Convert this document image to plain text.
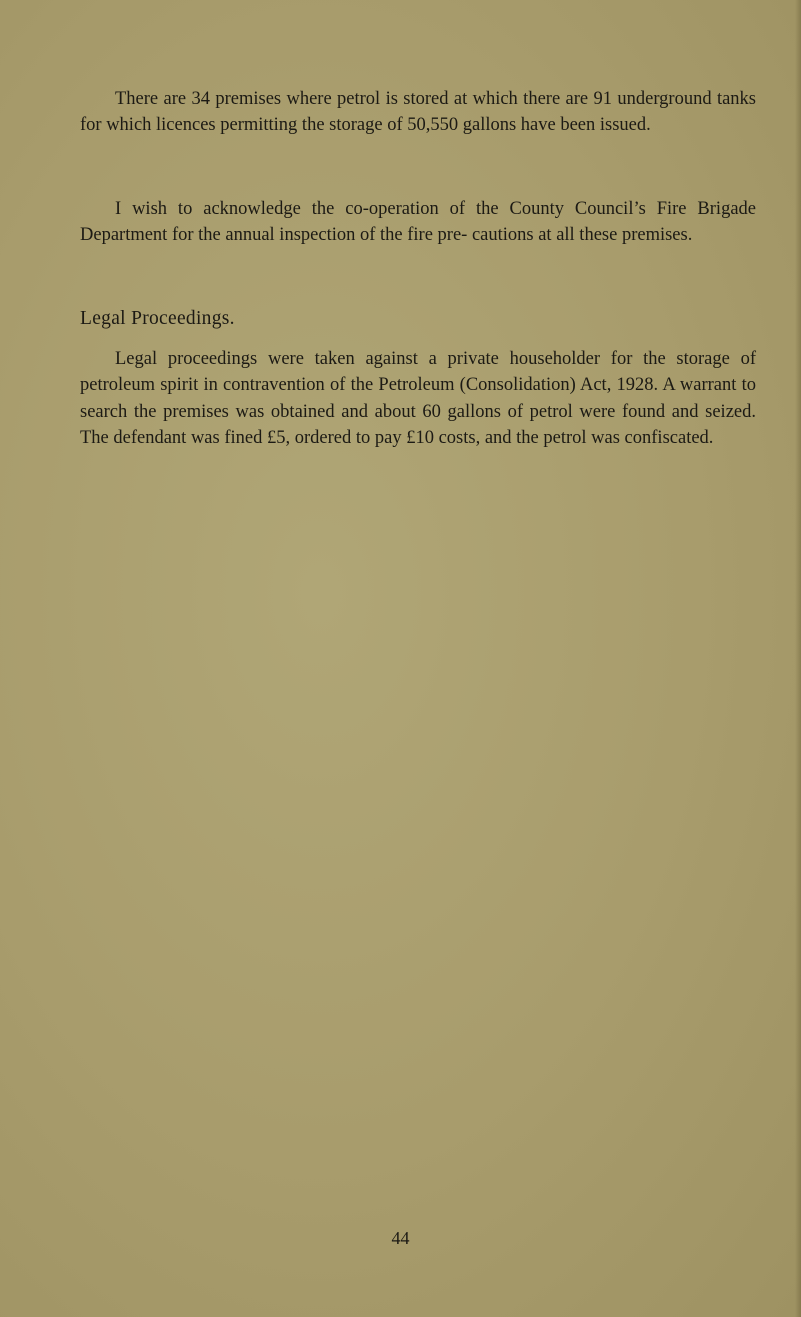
There are 34 premises where petrol is stored at which there are 91 underground tanks for which licences permitting the storage of 50,550 gallons have been issued.

I wish to acknowledge the co-operation of the County Council’s Fire Brigade Department for the annual inspection of the fire pre- cautions at all these premises.

Legal Proceedings.

Legal proceedings were taken against a private householder for the storage of petroleum spirit in contravention of the Petroleum (Consolidation) Act, 1928. A warrant to search the premises was obtained and about 60 gallons of petrol were found and seized. The defendant was fined £5, ordered to pay £10 costs, and the petrol was confiscated.

44
